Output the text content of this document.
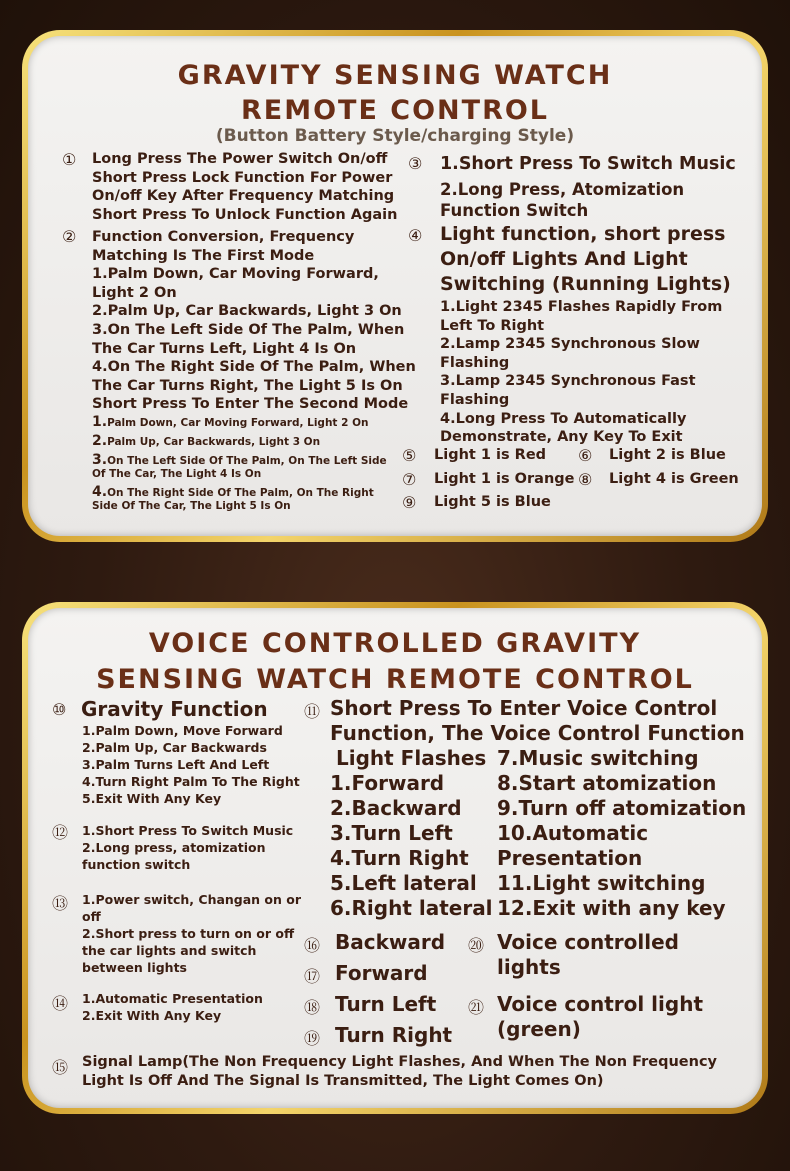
GRAVITY SENSING WATCH
REMOTE CONTROL
(Button Battery Style/charging Style)
① Long Press The Power Switch On/off
Short Press Lock Function For Power
On/off Key After Frequency Matching
Short Press To Unlock Function Again
② Function Conversion, Frequency
Matching Is The First Mode
1.Palm Down, Car Moving Forward,
Light 2 On
2.Palm Up, Car Backwards, Light 3 On
3.On The Left Side Of The Palm, When
The Car Turns Left, Light 4 Is On
4.On The Right Side Of The Palm, When
The Car Turns Right, The Light 5 Is On
Short Press To Enter The Second Mode
1.Palm Down, Car Moving Forward, Light 2 On
2.Palm Up, Car Backwards, Light 3 On
3.On The Left Side Of The Palm, On The Left Side
Of The Car, The Light 4 Is On
4.On The Right Side Of The Palm, On The Right
Side Of The Car, The Light 5 Is On
③ 1.Short Press To Switch Music
2.Long Press, Atomization
Function Switch
④ Light function, short press
On/off Lights And Light
Switching (Running Lights)
1.Light 2345 Flashes Rapidly From
Left To Right
2.Lamp 2345 Synchronous Slow
Flashing
3.Lamp 2345 Synchronous Fast
Flashing
4.Long Press To Automatically
Demonstrate, Any Key To Exit
⑤ Light 1 is Red ⑥ Light 2 is Blue
⑦ Light 1 is Orange ⑧ Light 4 is Green
⑨ Light 5 is Blue
VOICE CONTROLLED GRAVITY
SENSING WATCH REMOTE CONTROL
⑩ Gravity Function
1.Palm Down, Move Forward
2.Palm Up, Car Backwards
3.Palm Turns Left And Left
4.Turn Right Palm To The Right
5.Exit With Any Key
⑪ Short Press To Enter Voice Control
Function, The Voice Control Function
Light Flashes
1.Forward
2.Backward
3.Turn Left
4.Turn Right
5.Left lateral
6.Right lateral
7.Music switching
8.Start atomization
9.Turn off atomization
10.Automatic
Presentation
11.Light switching
12.Exit with any key
⑫ 1.Short Press To Switch Music
2.Long press, atomization
function switch
⑬ 1.Power switch, Changan on or
off
2.Short press to turn on or off
the car lights and switch
between lights
⑭ 1.Automatic Presentation
2.Exit With Any Key
⑯ Backward
⑰ Forward
⑱ Turn Left
⑲ Turn Right
⑳ Voice controlled
lights
㉑ Voice control light
(green)
⑮ Signal Lamp(The Non Frequency Light Flashes, And When The Non Frequency
Light Is Off And The Signal Is Transmitted, The Light Comes On)
